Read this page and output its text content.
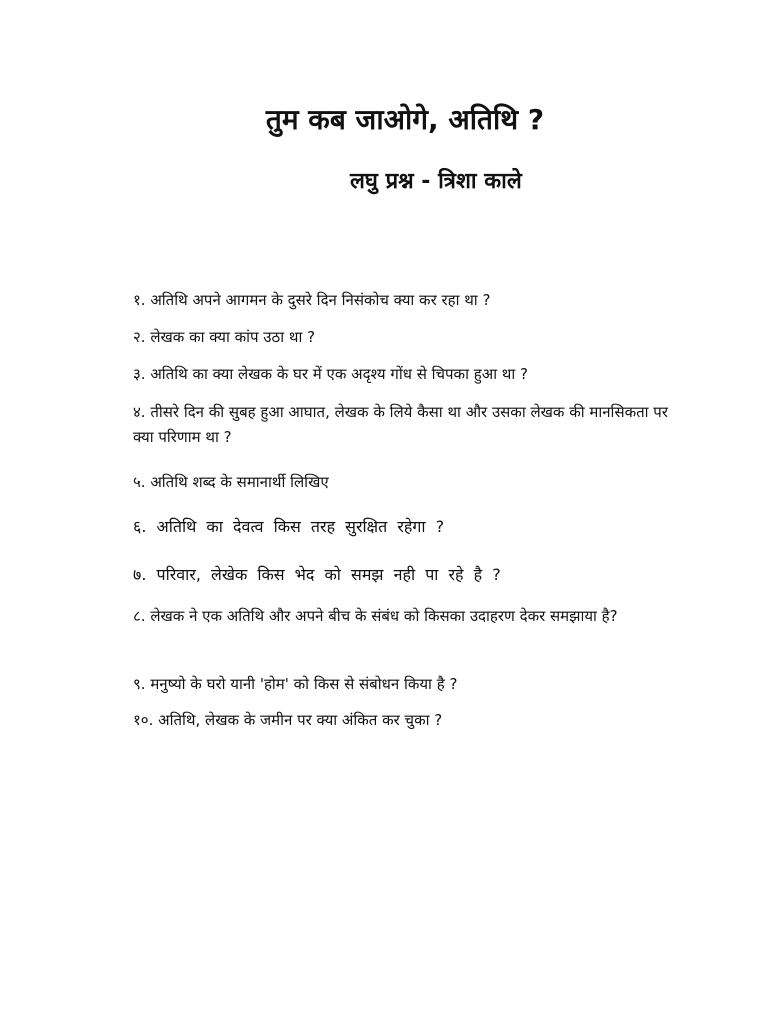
तुम कब जाओगे, अतिथि ?
लघु प्रश्न - त्रिशा काले

१. अतिथि अपने आगमन के दुसरे दिन निसंकोच क्या कर रहा था ?

२. लेखक का क्या कांप उठा था ?

३. अतिथि का क्या लेखक के घर में एक अदृश्य गोंध से चिपका हुआ था ?

४. तीसरे दिन की सुबह हुआ आघात, लेखक के लिये कैसा था और उसका लेखक की मानसिकता पर क्या परिणाम था ?

५. अतिथि शब्द के समानार्थी लिखिए

६. अतिथि का देवत्व किस तरह सुरक्षित रहेगा ?

७. परिवार, लेखेक किस भेद को समझ नही पा रहे है ?

८. लेखक ने एक अतिथि और अपने बीच के संबंध को किसका उदाहरण देकर समझाया है?

९. मनुष्यो के घरो यानी 'होम' को किस से संबोधन किया है ?

१०. अतिथि, लेखक के जमीन पर क्या अंकित कर चुका ?
